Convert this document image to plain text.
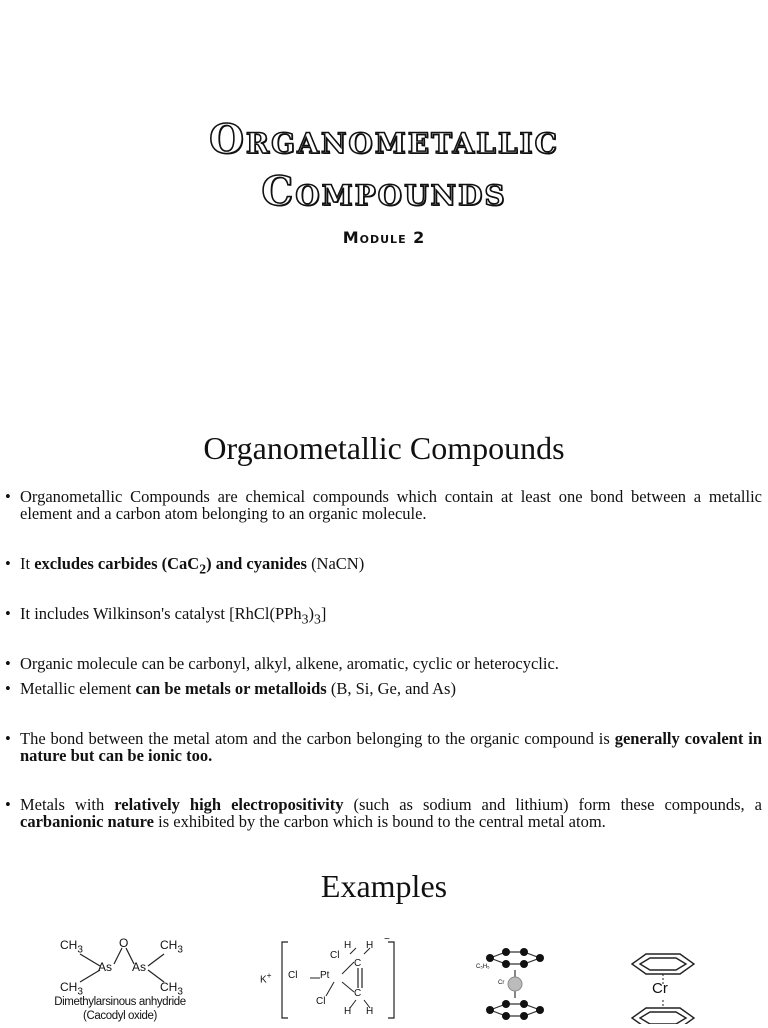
Organometallic
Compounds
Module 2
Organometallic Compounds
• Organometallic Compounds are chemical compounds which contain at least one bond between a metallic element and a carbon atom belonging to an organic molecule.
• It excludes carbides (CaC$_2$) and cyanides (NaCN)
• It includes Wilkinson's catalyst $[RhCl(PPh_3)_3]$
• Organic molecule can be carbonyl, alkyl, alkene, aromatic, cyclic or heterocyclic.
• Metallic element can be metals or metalloids (B, Si, Ge, and As)
• The bond between the metal atom and the carbon belonging to the organic compound is generally covalent in nature but can be ionic too.
• Metals with relatively high electropositivity (such as sodium and lithium) form these compounds, a carbanionic nature is exhibited by the carbon which is bound to the central metal atom.
Examples
$CH_3$
$CH_3$
$CH_3$
$CH_3$
As As
O
Dimethylarsinous anhydride
(Cacodyl oxide)
K+ Cl Pt
Cl
Cl
C
C
H H
H H
−
C₅H₅
Cr	Cr
